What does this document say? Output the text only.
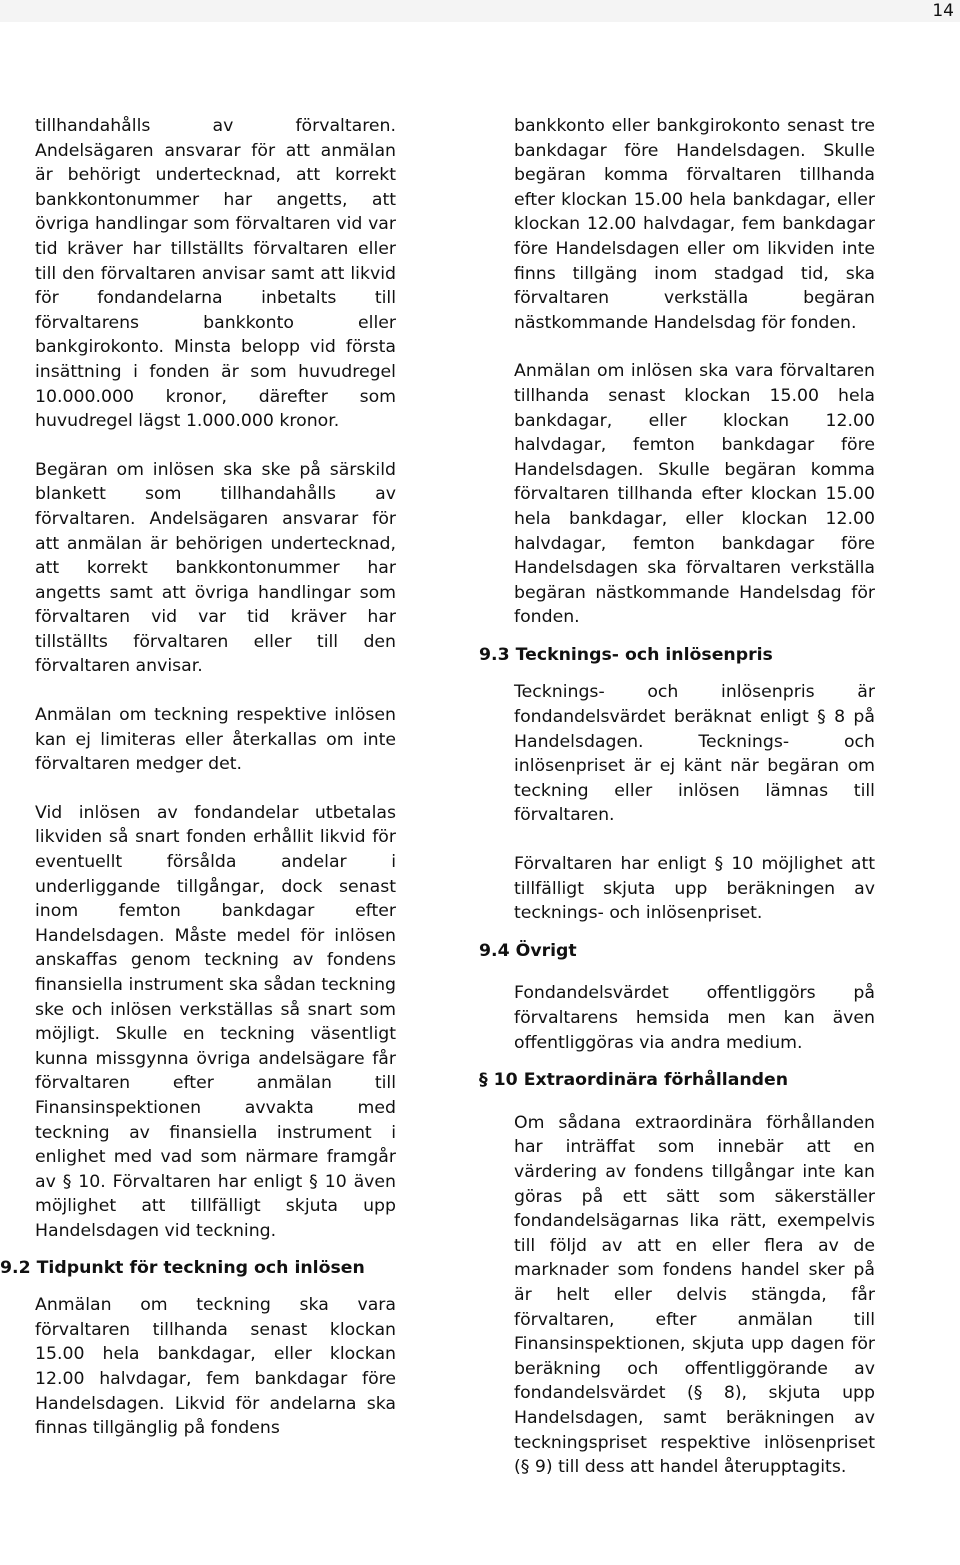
14

tillhandahålls av förvaltaren. Andelsägaren ansvarar för att anmälan är behörigt undertecknad, att korrekt bankkontonummer har angetts, att övriga handlingar som förvaltaren vid var tid kräver har tillställts förvaltaren eller till den förvaltaren anvisar samt att likvid för fondandelarna inbetalts till förvaltarens bankkonto eller bankgirokonto. Minsta belopp vid första insättning i fonden är som huvudregel 10.000.000 kronor, därefter som huvudregel lägst 1.000.000 kronor.

Begäran om inlösen ska ske på särskild blankett som tillhandahålls av förvaltaren. Andelsägaren ansvarar för att anmälan är behörigen undertecknad, att korrekt bankkontonummer har angetts samt att övriga handlingar som förvaltaren vid var tid kräver har tillställts förvaltaren eller till den förvaltaren anvisar.

Anmälan om teckning respektive inlösen kan ej limiteras eller återkallas om inte förvaltaren medger det.

Vid inlösen av fondandelar utbetalas likviden så snart fonden erhållit likvid för eventuellt försålda andelar i underliggande tillgångar, dock senast inom femton bankdagar efter Handelsdagen. Måste medel för inlösen anskaffas genom teckning av fondens finansiella instrument ska sådan teckning ske och inlösen verkställas så snart som möjligt. Skulle en teckning väsentligt kunna missgynna övriga andelsägare får förvaltaren efter anmälan till Finansinspektionen avvakta med teckning av finansiella instrument i enlighet med vad som närmare framgår av § 10. Förvaltaren har enligt § 10 även möjlighet att tillfälligt skjuta upp Handelsdagen vid teckning.

9.2 Tidpunkt för teckning och inlösen

Anmälan om teckning ska vara förvaltaren tillhanda senast klockan 15.00 hela bankdagar, eller klockan 12.00 halvdagar, fem bankdagar före Handelsdagen. Likvid för andelarna ska finnas tillgänglig på fondens

bankkonto eller bankgirokonto senast tre bankdagar före Handelsdagen. Skulle begäran komma förvaltaren tillhanda efter klockan 15.00 hela bankdagar, eller klockan 12.00 halvdagar, fem bankdagar före Handelsdagen eller om likviden inte finns tillgäng inom stadgad tid, ska förvaltaren verkställa begäran nästkommande Handelsdag för fonden.

Anmälan om inlösen ska vara förvaltaren tillhanda senast klockan 15.00 hela bankdagar, eller klockan 12.00 halvdagar, femton bankdagar före Handelsdagen. Skulle begäran komma förvaltaren tillhanda efter klockan 15.00 hela bankdagar, eller klockan 12.00 halvdagar, femton bankdagar före Handelsdagen ska förvaltaren verkställa begäran nästkommande Handelsdag för fonden.

9.3 Tecknings- och inlösenpris

Tecknings- och inlösenpris är fondandelsvärdet beräknat enligt § 8 på Handelsdagen. Tecknings- och inlösenpriset är ej känt när begäran om teckning eller inlösen lämnas till förvaltaren.

Förvaltaren har enligt § 10 möjlighet att tillfälligt skjuta upp beräkningen av tecknings- och inlösenpriset.

9.4 Övrigt

Fondandelsvärdet offentliggörs på förvaltarens hemsida men kan även offentliggöras via andra medium.

§ 10 Extraordinära förhållanden

Om sådana extraordinära förhållanden har inträffat som innebär att en värdering av fondens tillgångar inte kan göras på ett sätt som säkerställer fondandelsägarnas lika rätt, exempelvis till följd av att en eller flera av de marknader som fondens handel sker på är helt eller delvis stängda, får förvaltaren, efter anmälan till Finansinspektionen, skjuta upp dagen för beräkning och offentliggörande av fondandelsvärdet (§ 8), skjuta upp Handelsdagen, samt beräkningen av teckningspriset respektive inlösenpriset (§ 9) till dess att handel återupptagits.
